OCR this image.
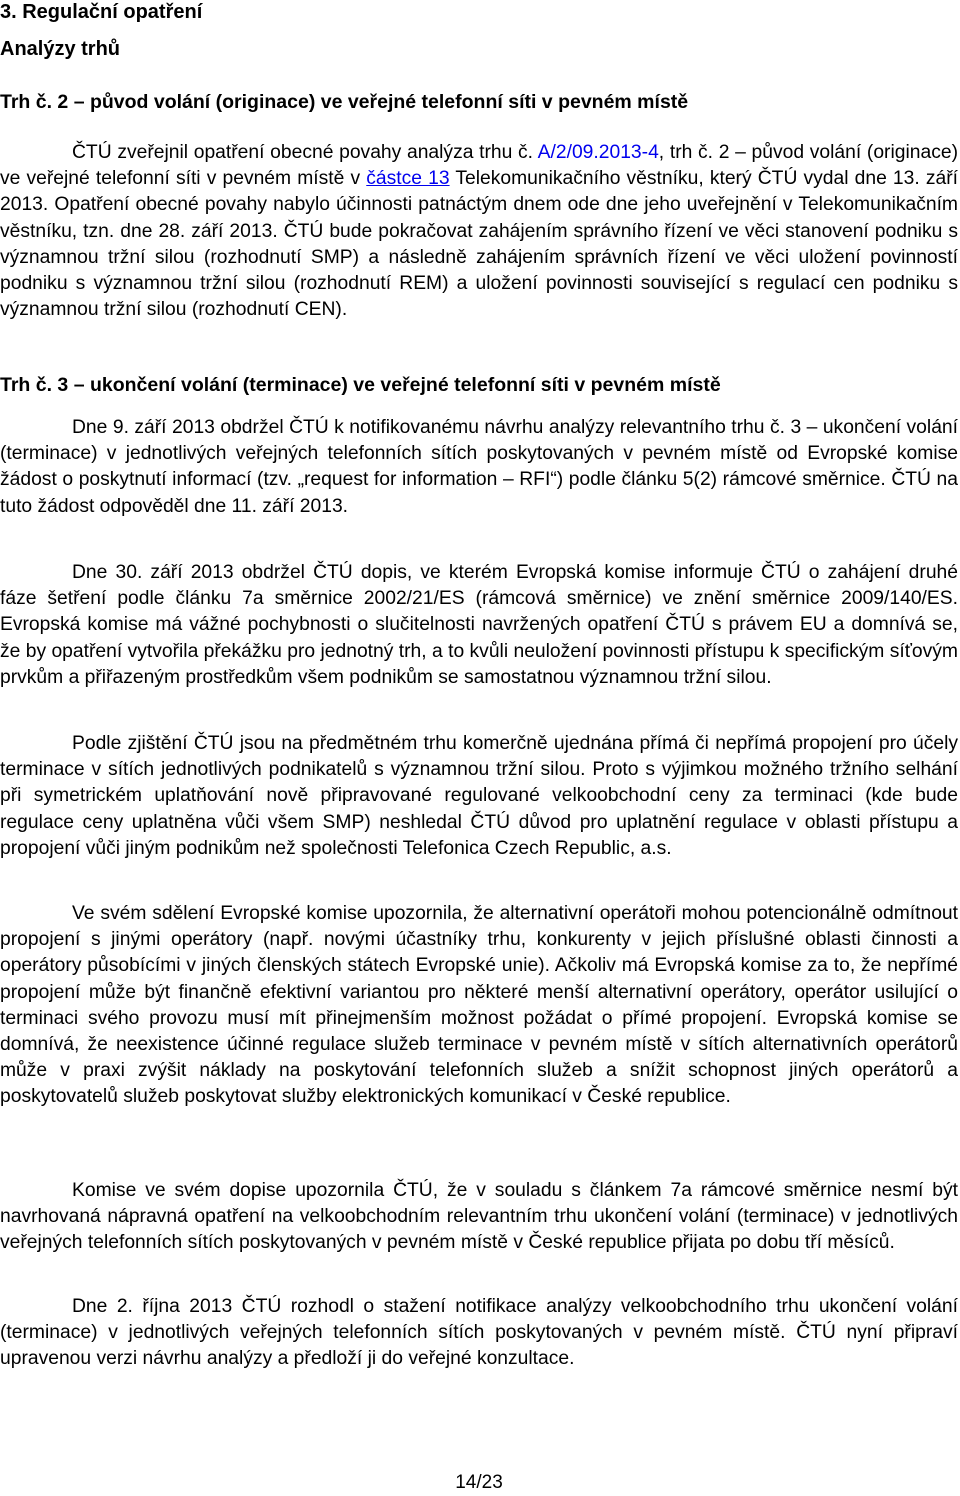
3. Regulační opatření
Analýzy trhů
Trh č. 2 – původ volání (originace) ve veřejné telefonní síti v pevném místě

ČTÚ zveřejnil opatření obecné povahy analýza trhu č. A/2/09.2013-4, trh č. 2 – původ volání (originace) ve veřejné telefonní síti v pevném místě v částce 13 Telekomunikačního věstníku, který ČTÚ vydal dne 13. září 2013. Opatření obecné povahy nabylo účinnosti patnáctým dnem ode dne jeho uveřejnění v Telekomunikačním věstníku, tzn. dne 28. září 2013. ČTÚ bude pokračovat zahájením správního řízení ve věci stanovení podniku s významnou tržní silou (rozhodnutí SMP) a následně zahájením správních řízení ve věci uložení povinností podniku s významnou tržní silou (rozhodnutí REM) a uložení povinnosti související s regulací cen podniku s významnou tržní silou (rozhodnutí CEN).

Trh č. 3 – ukončení volání (terminace) ve veřejné telefonní síti v pevném místě

Dne 9. září 2013 obdržel ČTÚ k notifikovanému návrhu analýzy relevantního trhu č. 3 – ukončení volání (terminace) v jednotlivých veřejných telefonních sítích poskytovaných v pevném místě od Evropské komise žádost o poskytnutí informací (tzv. „request for information – RFI“) podle článku 5(2) rámcové směrnice. ČTÚ na tuto žádost odpověděl dne 11. září 2013.

Dne 30. září 2013 obdržel ČTÚ dopis, ve kterém Evropská komise informuje ČTÚ o zahájení druhé fáze šetření podle článku 7a směrnice 2002/21/ES (rámcová směrnice) ve znění směrnice 2009/140/ES. Evropská komise má vážné pochybnosti o slučitelnosti navržených opatření ČTÚ s právem EU a domnívá se, že by opatření vytvořila překážku pro jednotný trh, a to kvůli neuložení povinnosti přístupu k specifickým síťovým prvkům a přiřazeným prostředkům všem podnikům se samostatnou významnou tržní silou.

Podle zjištění ČTÚ jsou na předmětném trhu komerčně ujednána přímá či nepřímá propojení pro účely terminace v sítích jednotlivých podnikatelů s významnou tržní silou. Proto s výjimkou možného tržního selhání při symetrickém uplatňování nově připravované regulované velkoobchodní ceny za terminaci (kde bude regulace ceny uplatněna vůči všem SMP) neshledal ČTÚ důvod pro uplatnění regulace v oblasti přístupu a propojení vůči jiným podnikům než společnosti Telefonica Czech Republic, a.s.

Ve svém sdělení Evropské komise upozornila, že alternativní operátoři mohou potencionálně odmítnout propojení s jinými operátory (např. novými účastníky trhu, konkurenty v jejich příslušné oblasti činnosti a operátory působícími v jiných členských státech Evropské unie). Ačkoliv má Evropská komise za to, že nepřímé propojení může být finančně efektivní variantou pro některé menší alternativní operátory, operátor usilující o terminaci svého provozu musí mít přinejmenším možnost požádat o přímé propojení. Evropská komise se domnívá, že neexistence účinné regulace služeb terminace v pevném místě v sítích alternativních operátorů může v praxi zvýšit náklady na poskytování telefonních služeb a snížit schopnost jiných operátorů a poskytovatelů služeb poskytovat služby elektronických komunikací v České republice.

Komise ve svém dopise upozornila ČTÚ, že v souladu s článkem 7a rámcové směrnice nesmí být navrhovaná nápravná opatření na velkoobchodním relevantním trhu ukončení volání (terminace) v jednotlivých veřejných telefonních sítích poskytovaných v pevném místě v České republice přijata po dobu tří měsíců.

Dne 2. října 2013 ČTÚ rozhodl o stažení notifikace analýzy velkoobchodního trhu ukončení volání (terminace) v jednotlivých veřejných telefonních sítích poskytovaných v pevném místě. ČTÚ nyní připraví upravenou verzi návrhu analýzy a předloží ji do veřejné konzultace.

14/23
